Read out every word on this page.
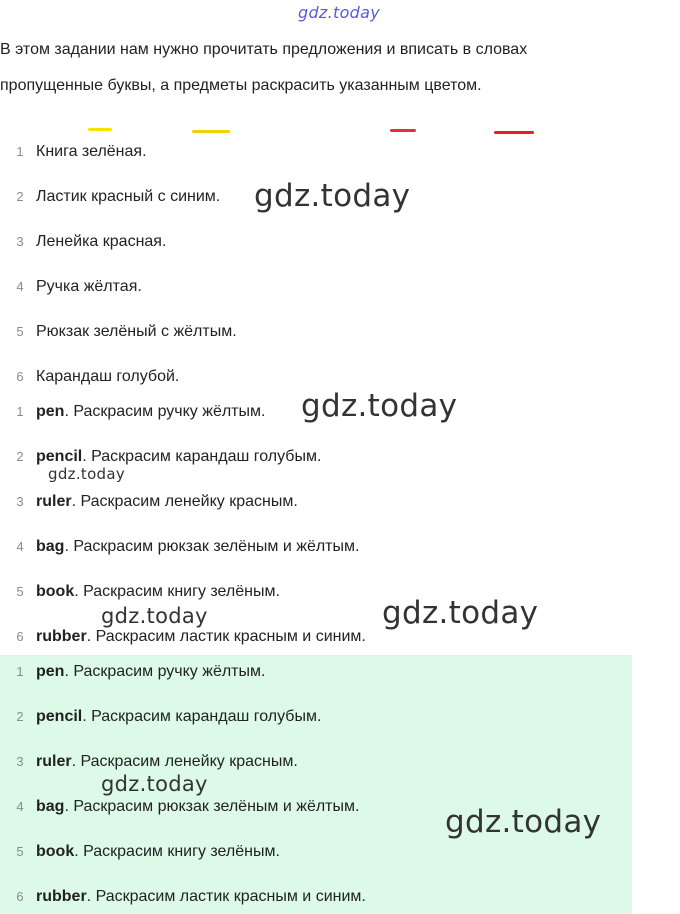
gdz.today

В этом задании нам нужно прочитать предложения и вписать в словах

пропущенные буквы, а предметы раскрасить указанным цветом.

1 Книга зелёная.
2 Ластик красный с синим.
3 Ленейка красная.
4 Ручка жёлтая.
5 Рюкзак зелёный с жёлтым.
6 Карандаш голубой.
1 pen. Раскрасим ручку жёлтым.
2 pencil. Раскрасим карандаш голубым.
3 ruler. Раскрасим ленейку красным.
4 bag. Раскрасим рюкзак зелёным и жёлтым.
5 book. Раскрасим книгу зелёным.
6 rubber. Раскрасим ластик красным и синим.
1 pen. Раскрасим ручку жёлтым.
2 pencil. Раскрасим карандаш голубым.
3 ruler. Раскрасим ленейку красным.
4 bag. Раскрасим рюкзак зелёным и жёлтым.
5 book. Раскрасим книгу зелёным.
6 rubber. Раскрасим ластик красным и синим.
gdz.today
gdz.today
gdz.today
gdz.today	gdz.today
gdz.today
gdz.today
